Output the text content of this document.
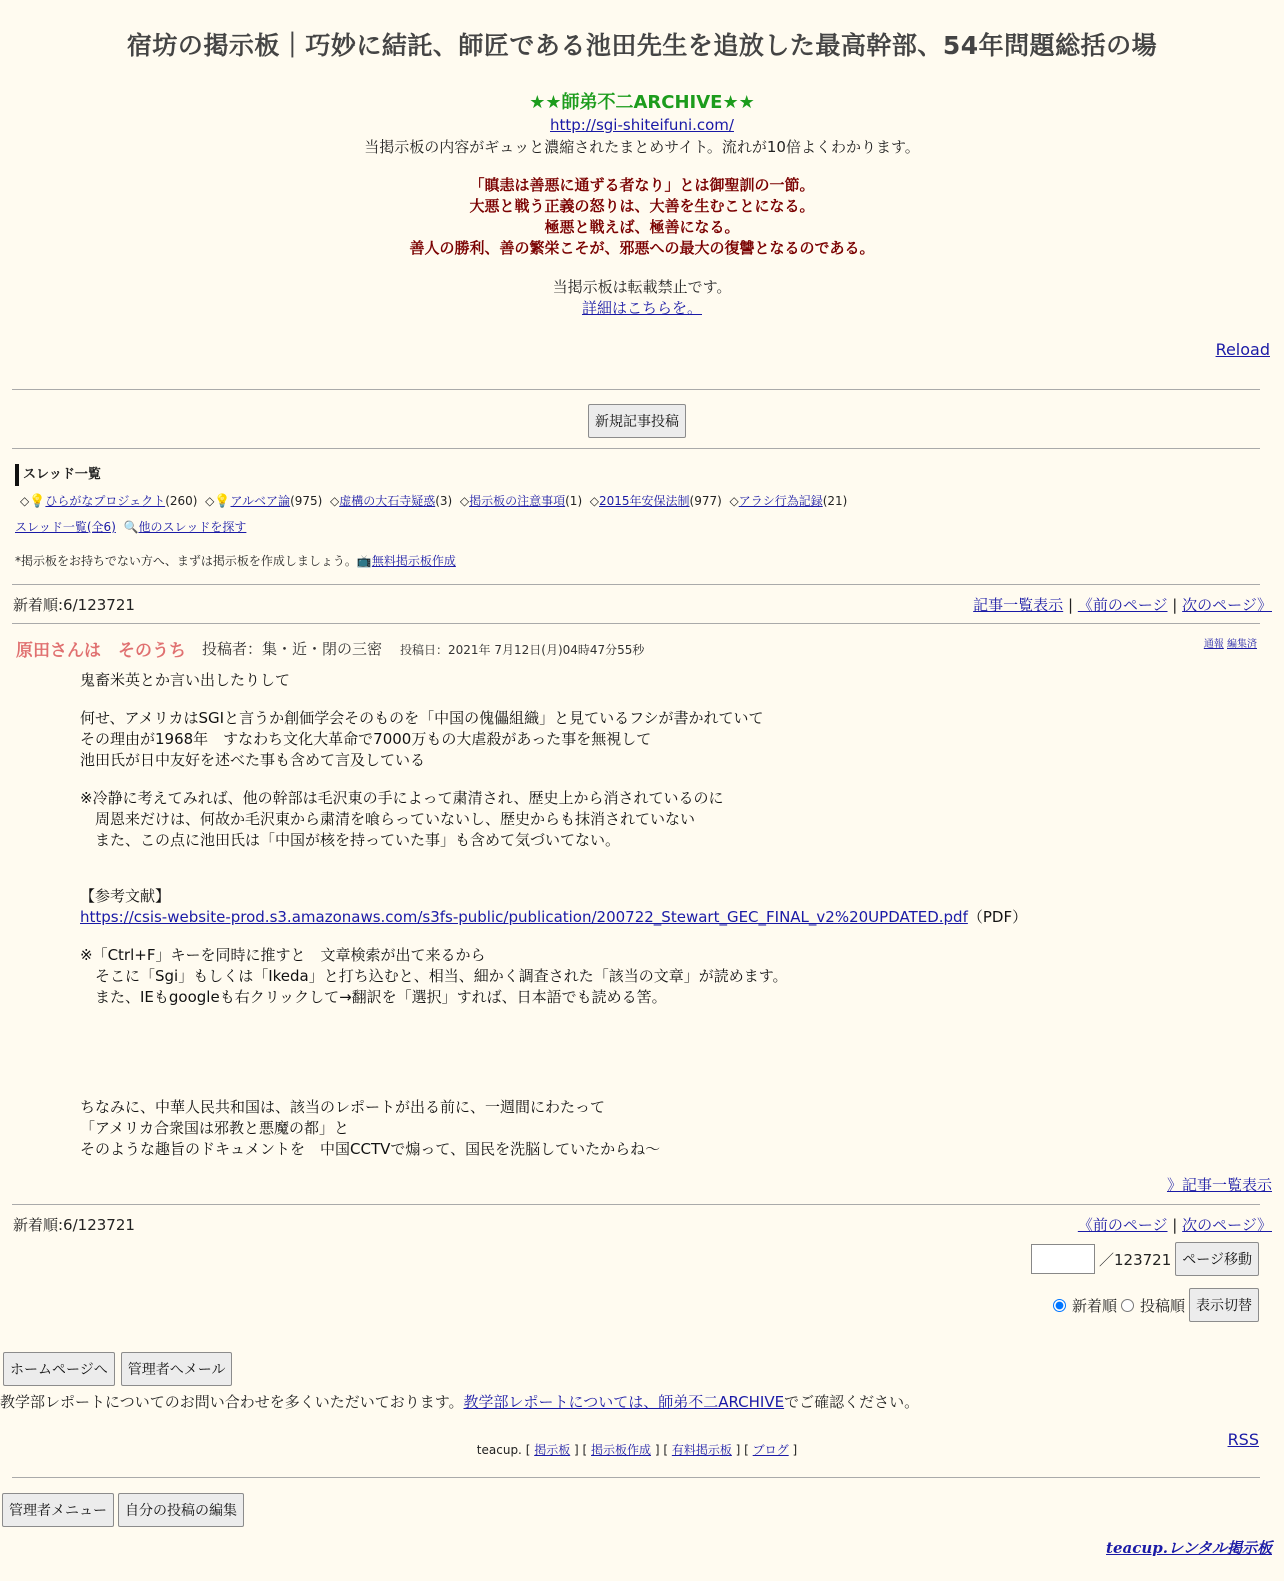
宿坊の掲示板｜巧妙に結託、師匠である池田先生を追放した最高幹部、54年問題総括の場
★★師弟不二ARCHIVE★★
http://sgi-shiteifuni.com/
当掲示板の内容がギュッと濃縮されたまとめサイト。流れが10倍よくわかります。
「瞋恚は善悪に通ずる者なり」とは御聖訓の一節。
大悪と戦う正義の怒りは、大善を生むことになる。
極悪と戦えば、極善になる。
善人の勝利、善の繁栄こそが、邪悪への最大の復讐となるのである。
当掲示板は転載禁止です。
詳細はこちらを。
Reload
新規記事投稿
スレッド一覧
◇💡ひらがなプロジェクト(260) ◇💡アルベア論(975) ◇虚構の大石寺疑惑(3) ◇掲示板の注意事項(1) ◇2015年安保法制(977) ◇アラシ行為記録(21)
スレッド一覧(全6) 🔍他のスレッドを探す
*掲示板をお持ちでない方へ、まずは掲示板を作成しましょう。📺無料掲示板作成
新着順:6/123721	記事一覧表示 | 《前のページ | 次のページ》
原田さんは　そのうち 投稿者：集・近・閉の三密 投稿日：2021年 7月12日(月)04時47分55秒	通報 編集済

鬼畜米英とか言い出したりして

何せ、アメリカはSGIと言うか創価学会そのものを「中国の傀儡組織」と見ているフシが書かれていて

その理由が1968年　すなわち文化大革命で7000万もの大虐殺があった事を無視して

池田氏が日中友好を述べた事も含めて言及している

※冷静に考えてみれば、他の幹部は毛沢東の手によって粛清され、歴史上から消されているのに

　周恩来だけは、何故か毛沢東から粛清を喰らっていないし、歴史からも抹消されていない

　また、この点に池田氏は「中国が核を持っていた事」も含めて気づいてない。

【参考文献】

https://csis-website-prod.s3.amazonaws.com/s3fs-public/publication/200722_Stewart_GEC_FINAL_v2%20UPDATED.pdf（PDF）

※「Ctrl+F」キーを同時に推すと　文章検索が出て来るから

　そこに「Sgi」もしくは「Ikeda」と打ち込むと、相当、細かく調査された「該当の文章」が読めます。

　また、IEもgoogleも右クリックして→翻訳を「選択」すれば、日本語でも読める筈。

ちなみに、中華人民共和国は、該当のレポートが出る前に、一週間にわたって

「アメリカ合衆国は邪教と悪魔の都」と

そのような趣旨のドキュメントを　中国CCTVで煽って、国民を洗脳していたからね～

》記事一覧表示
新着順:6/123721	《前のページ | 次のページ》
／123721 ページ移動
新着順 投稿順 表示切替
ホームページへ	管理者へメール
教学部レポートについてのお問い合わせを多くいただいております。教学部レポートについては、師弟不二ARCHIVEでご確認ください。
RSS
teacup. [ 掲示板 ] [ 掲示板作成 ] [ 有料掲示板 ] [ ブログ ]
管理者メニュー	自分の投稿の編集
teacup.レンタル掲示板
